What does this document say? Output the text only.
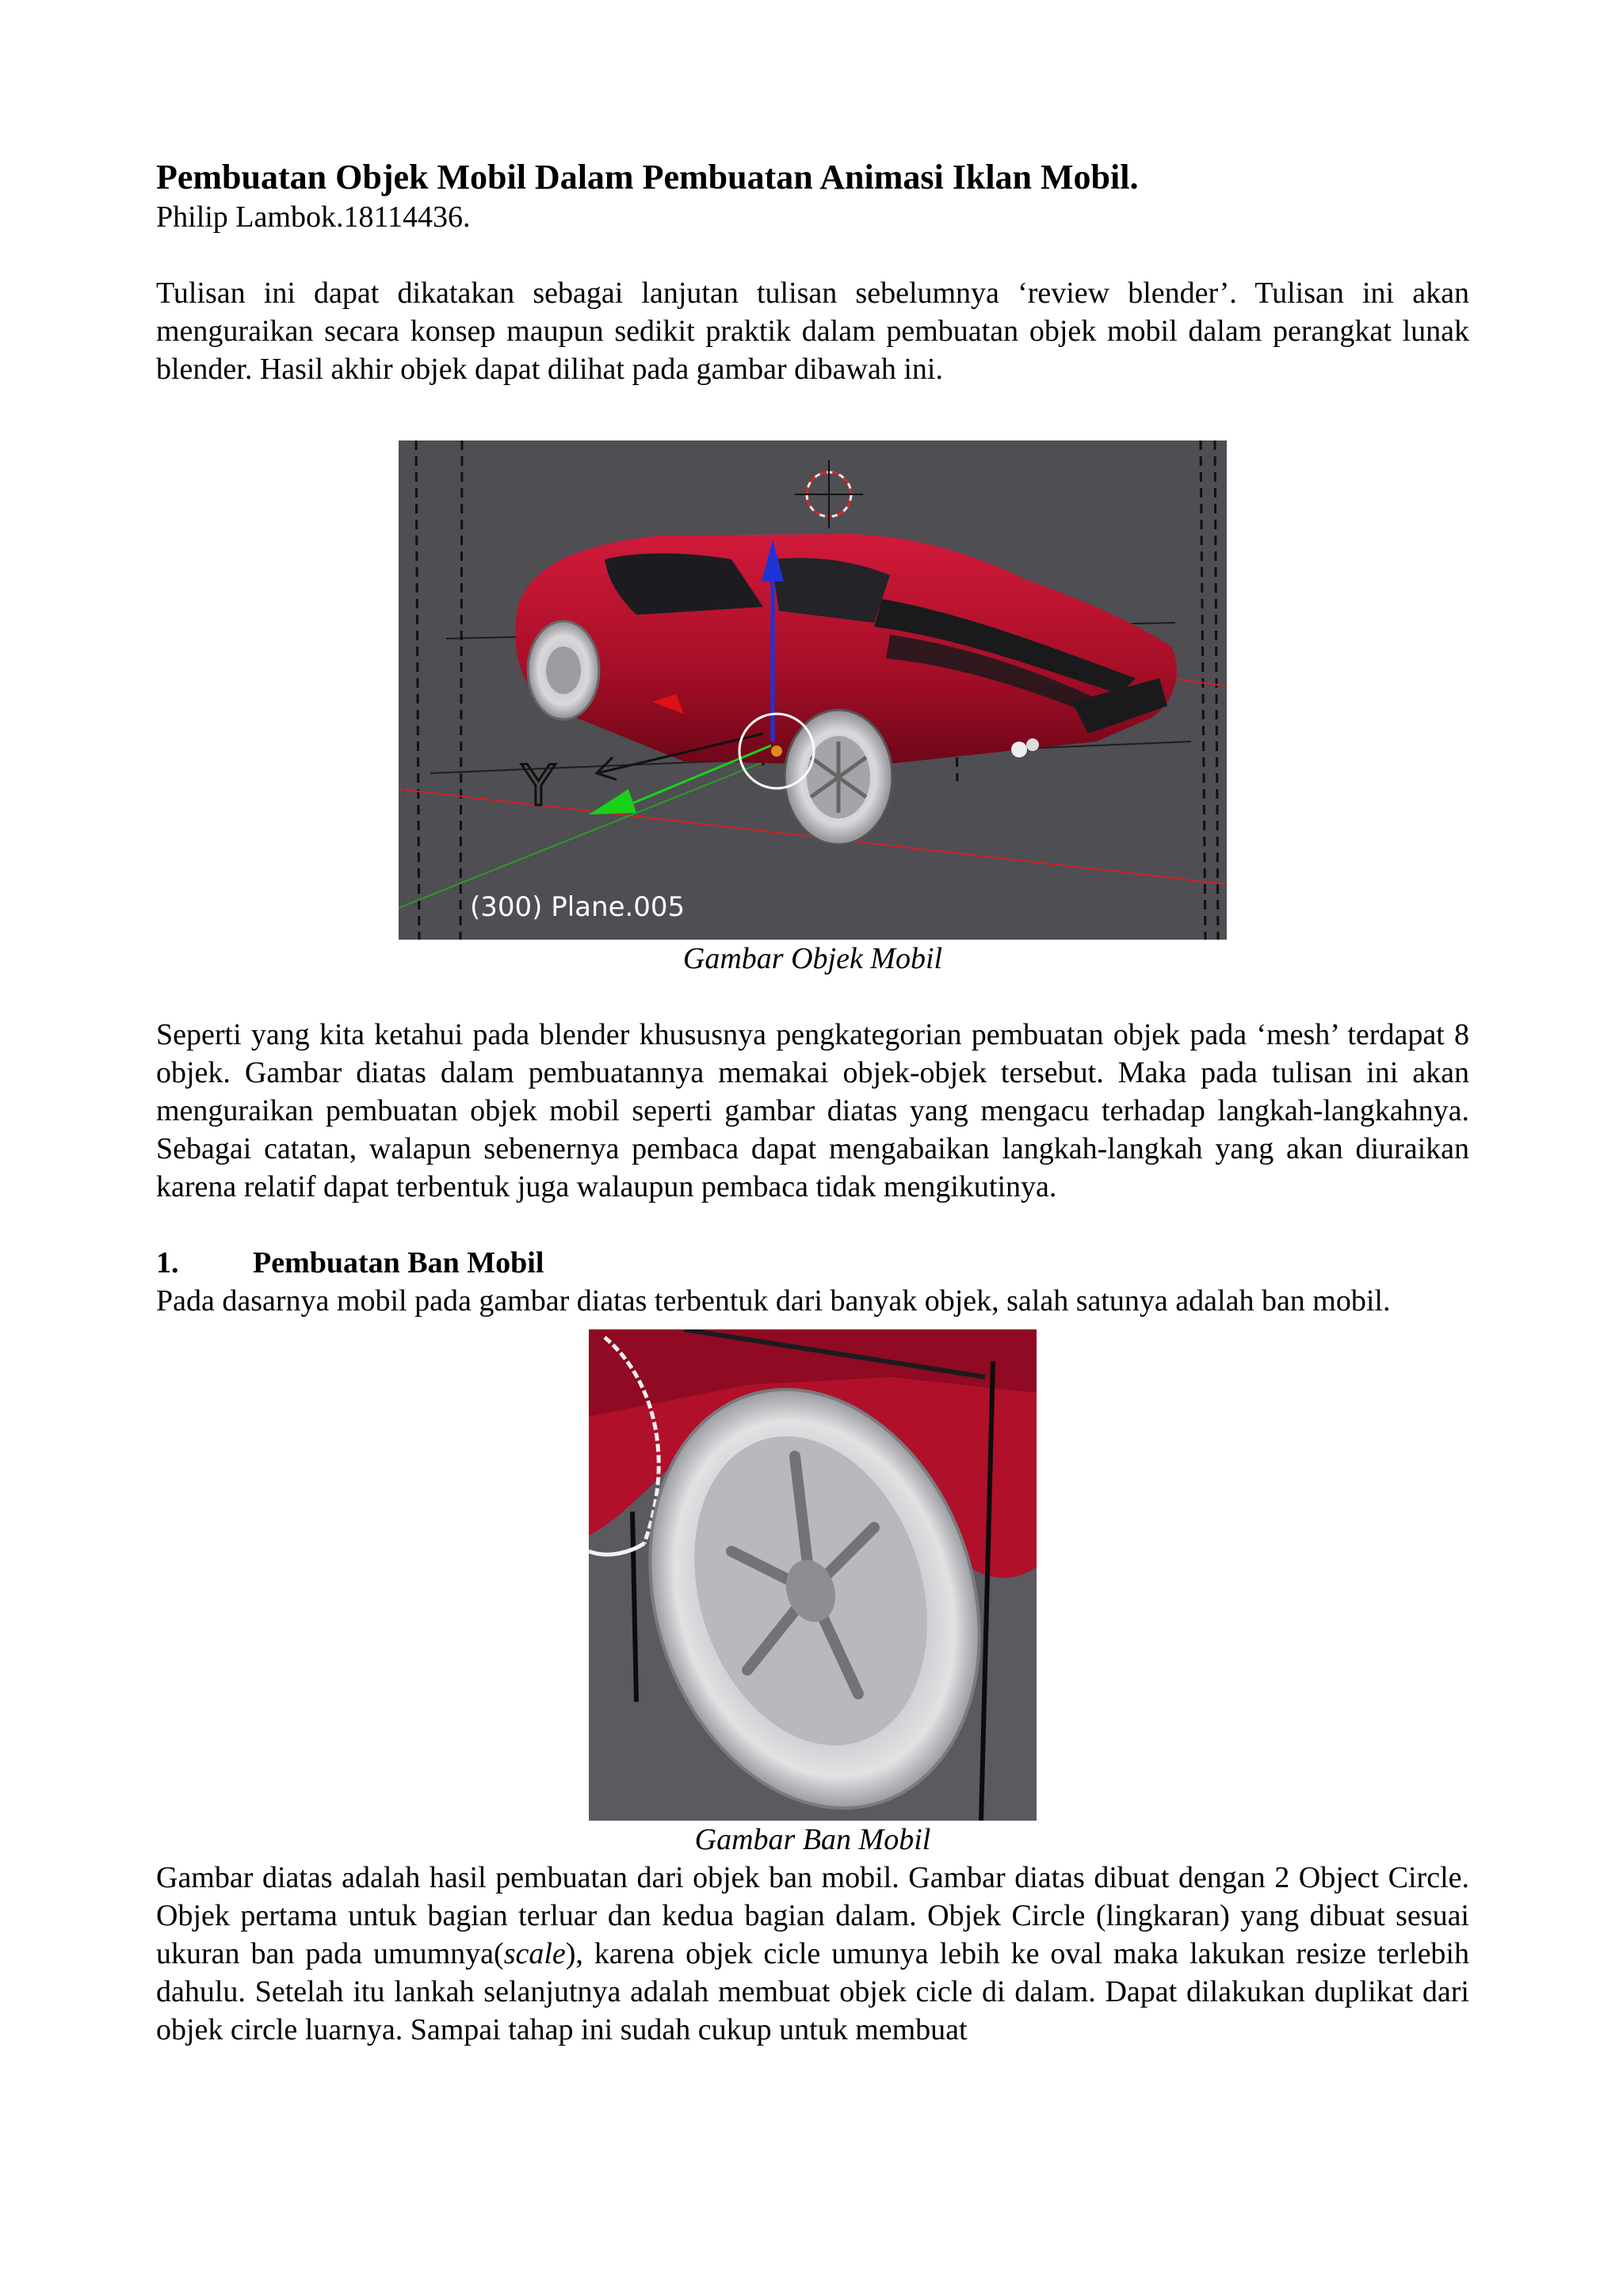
Pembuatan Objek Mobil Dalam Pembuatan Animasi Iklan Mobil.

Philip Lambok.18114436.

Tulisan ini dapat dikatakan sebagai lanjutan tulisan sebelumnya ‘review blender’. Tulisan ini akan menguraikan secara konsep maupun sedikit praktik dalam pembuatan objek mobil dalam perangkat lunak blender. Hasil akhir objek dapat dilihat pada gambar dibawah ini.

Y
(300) Plane.005

Gambar Objek Mobil

Seperti yang kita ketahui pada blender khususnya pengkategorian pembuatan objek pada ‘mesh’ terdapat 8 objek. Gambar diatas dalam pembuatannya memakai objek-objek tersebut. Maka pada tulisan ini akan menguraikan pembuatan objek mobil seperti gambar diatas yang mengacu terhadap langkah-langkahnya. Sebagai catatan, walapun sebenernya pembaca dapat mengabaikan langkah-langkah yang akan diuraikan karena relatif dapat terbentuk juga walaupun pembaca tidak mengikutinya.

1.	Pembuatan Ban Mobil

Pada dasarnya mobil pada gambar diatas terbentuk dari banyak objek, salah satunya adalah ban mobil.

Gambar Ban Mobil

Gambar diatas adalah hasil pembuatan dari objek ban mobil. Gambar diatas dibuat dengan 2 Object Circle. Objek pertama untuk bagian terluar dan kedua bagian dalam. Objek Circle (lingkaran) yang dibuat sesuai ukuran ban pada umumnya(scale), karena objek cicle umunya lebih ke oval maka lakukan resize terlebih dahulu. Setelah itu lankah selanjutnya adalah membuat objek cicle di dalam. Dapat dilakukan duplikat dari objek circle luarnya. Sampai tahap ini sudah cukup untuk membuat
